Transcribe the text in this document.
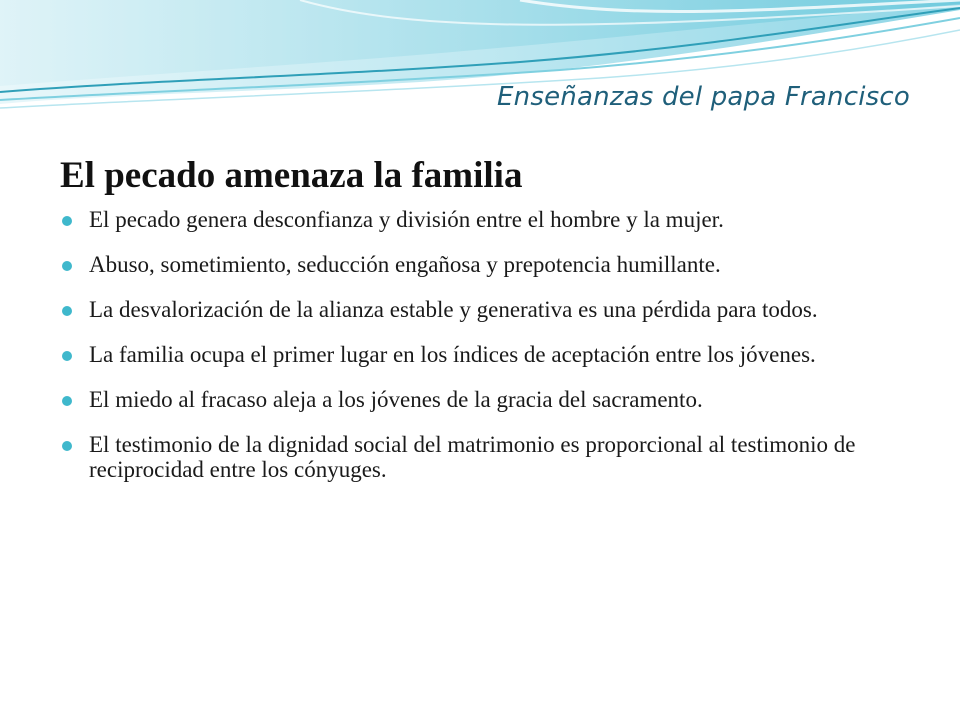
Enseñanzas del papa Francisco
El pecado amenaza la familia
El pecado genera desconfianza y división entre el hombre y la mujer.
Abuso, sometimiento, seducción engañosa y prepotencia humillante.
La desvalorización de la alianza estable y generativa es una pérdida para todos.
La familia ocupa el primer lugar en los índices de aceptación entre los jóvenes.
El miedo al fracaso aleja a los jóvenes de la gracia del sacramento.
El testimonio de la dignidad social del matrimonio es proporcional al testimonio de reciprocidad entre los cónyuges.
